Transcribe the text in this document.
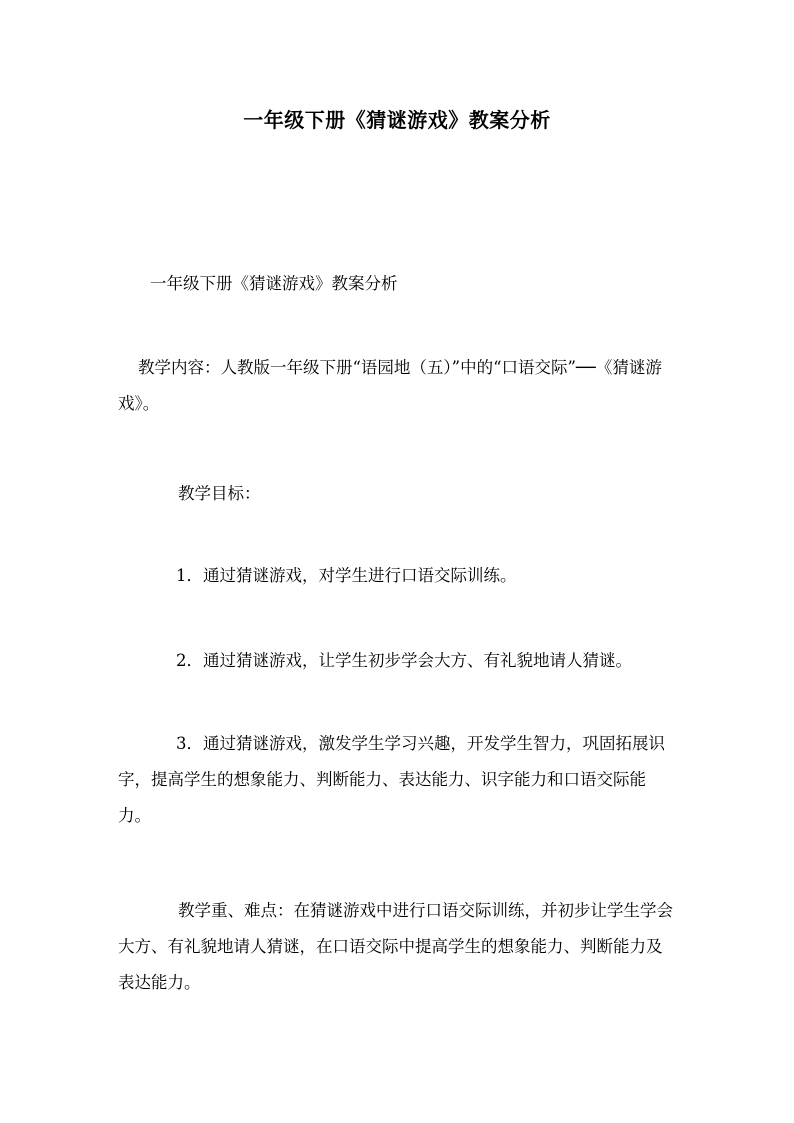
一年级下册《猜谜游戏》教案分析

一年级下册《猜谜游戏》教案分析

教学内容：人教版一年级下册“语园地（五）”中的“口语交际”──《猜谜游戏》。

教学目标：

1．通过猜谜游戏，对学生进行口语交际训练。

2．通过猜谜游戏，让学生初步学会大方、有礼貌地请人猜谜。

3．通过猜谜游戏，激发学生学习兴趣，开发学生智力，巩固拓展识字，提高学生的想象能力、判断能力、表达能力、识字能力和口语交际能力。

教学重、难点：在猜谜游戏中进行口语交际训练，并初步让学生学会大方、有礼貌地请人猜谜，在口语交际中提高学生的想象能力、判断能力及表达能力。
